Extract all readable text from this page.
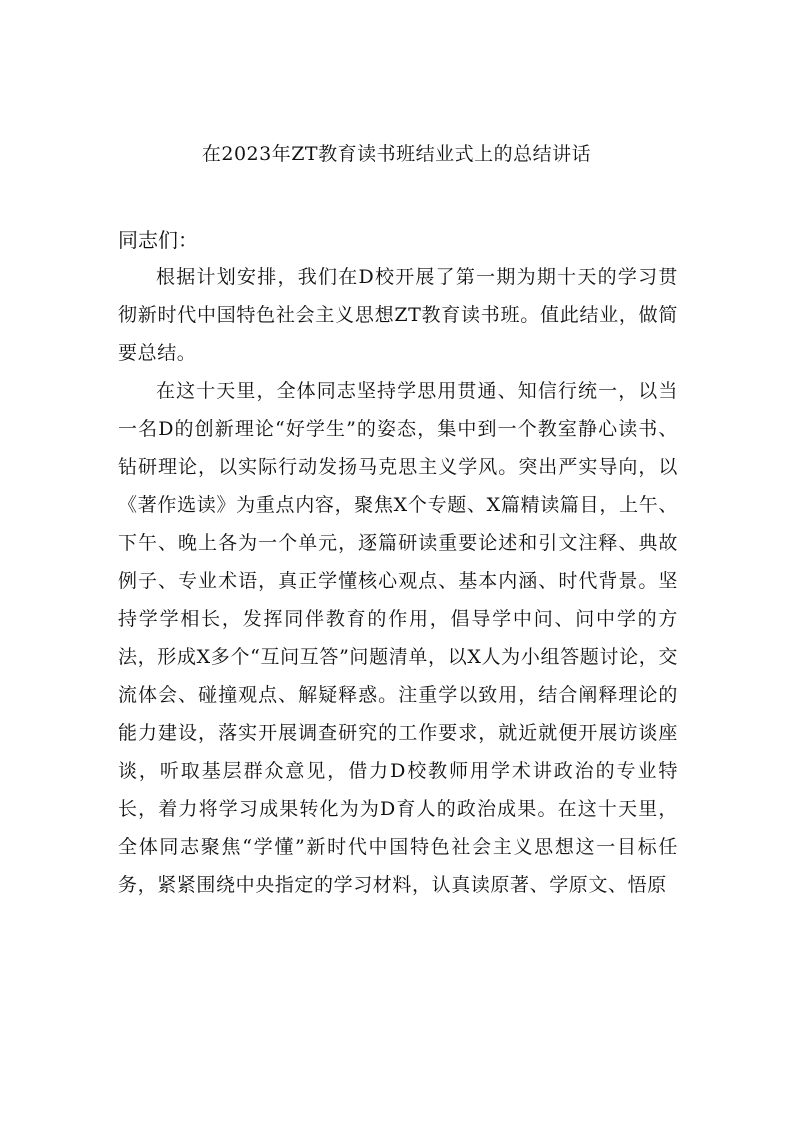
在2023年ZT教育读书班结业式上的总结讲话
同志们：

根据计划安排，我们在D校开展了第一期为期十天的学习贯彻新时代中国特色社会主义思想ZT教育读书班。值此结业，做简要总结。

在这十天里，全体同志坚持学思用贯通、知信行统一，以当一名D的创新理论“好学生”的姿态，集中到一个教室静心读书、钻研理论，以实际行动发扬马克思主义学风。突出严实导向，以《著作选读》为重点内容，聚焦X个专题、X篇精读篇目，上午、下午、晚上各为一个单元，逐篇研读重要论述和引文注释、典故例子、专业术语，真正学懂核心观点、基本内涵、时代背景。坚持学学相长，发挥同伴教育的作用，倡导学中问、问中学的方法，形成X多个“互问互答”问题清单，以X人为小组答题讨论，交流体会、碰撞观点、解疑释惑。注重学以致用，结合阐释理论的能力建设，落实开展调查研究的工作要求，就近就便开展访谈座谈，听取基层群众意见，借力D校教师用学术讲政治的专业特长，着力将学习成果转化为为D育人的政治成果。在这十天里，全体同志聚焦“学懂”新时代中国特色社会主义思想这一目标任务，紧紧围绕中央指定的学习材料，认真读原著、学原文、悟原
